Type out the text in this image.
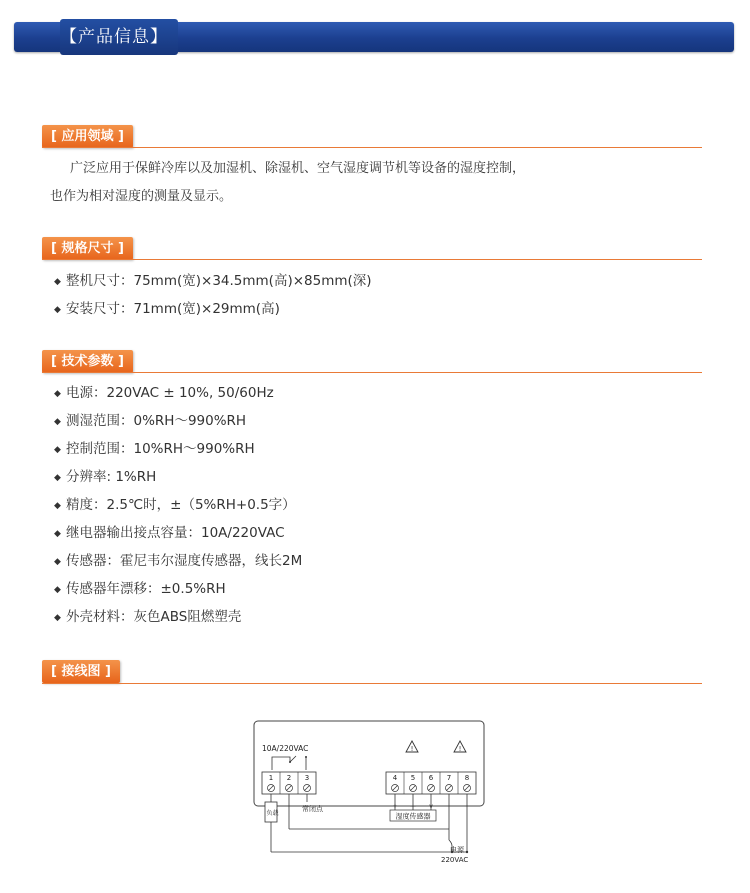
【产品信息】
[ 应用领域 ]
广泛应用于保鲜冷库以及加湿机、除湿机、空气湿度调节机等设备的湿度控制，
也作为相对湿度的测量及显示。
[ 规格尺寸 ]
◆ 整机尺寸：75mm(宽)×34.5mm(高)×85mm(深)
◆ 安装尺寸：71mm(宽)×29mm(高)
[ 技术参数 ]
◆ 电源：220VAC ± 10%, 50/60Hz
◆ 测湿范围：0%RH～990%RH
◆ 控制范围：10%RH～990%RH
◆ 分辨率: 1%RH
◆ 精度：2.5℃时，±（5%RH+0.5字）
◆ 继电器输出接点容量：10A/220VAC
◆ 传感器：霍尼韦尔湿度传感器，线长2M
◆ 传感器年漂移：±0.5%RH
◆ 外壳材料：灰色ABS阻燃塑壳
[ 接线图 ]
10A/220VAC	!	!
1 2 3	4 5 6 7 8
负载
常闭点	+ — v
湿度传感器
电源
220VAC
